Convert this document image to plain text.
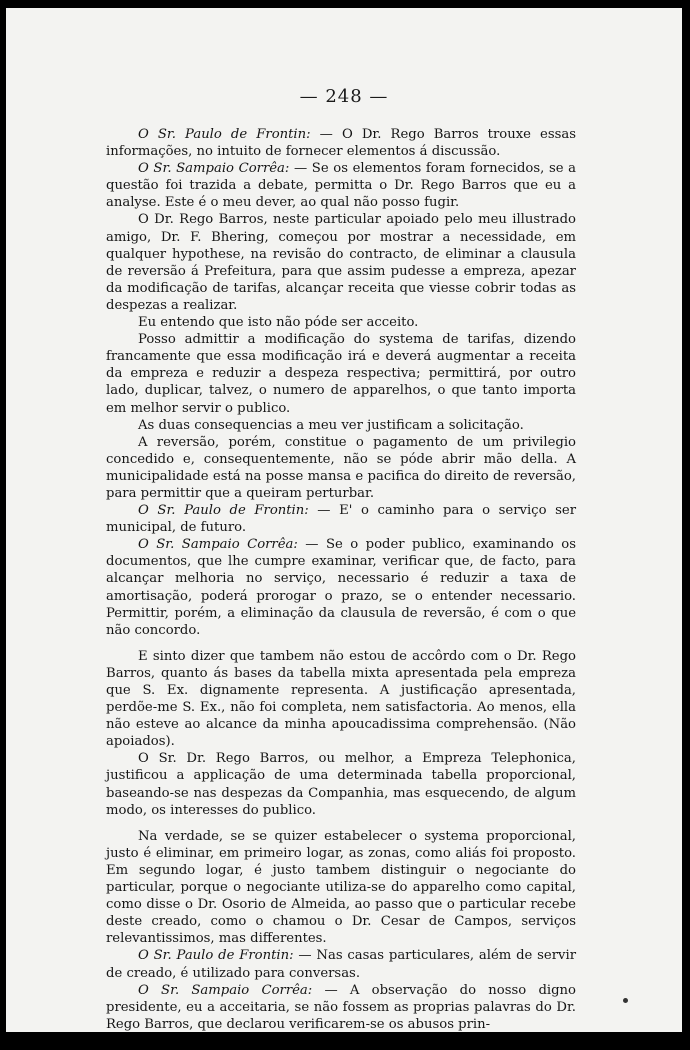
— 248 —

O Sr. Paulo de Frontin: — O Dr. Rego Barros trouxe essas informações, no intuito de fornecer elementos á discussão.

O Sr. Sampaio Corrêa: — Se os elementos foram fornecidos, se a questão foi trazida a debate, permitta o Dr. Rego Barros que eu a analyse. Este é o meu dever, ao qual não posso fugir.

O Dr. Rego Barros, neste particular apoiado pelo meu illustrado amigo, Dr. F. Bhering, começou por mostrar a necessidade, em qualquer hypothese, na revisão do contracto, de eliminar a clausula de reversão á Prefeitura, para que assim pudesse a empreza, apezar da modificação de tarifas, alcançar receita que viesse cobrir todas as despezas a realizar.

Eu entendo que isto não póde ser acceito.

Posso admittir a modificação do systema de tarifas, dizendo francamente que essa modificação irá e deverá augmentar a receita da empreza e reduzir a despeza respectiva; permittirá, por outro lado, duplicar, talvez, o numero de apparelhos, o que tanto importa em melhor servir o publico.

As duas consequencias a meu ver justificam a solicitação.

A reversão, porém, constitue o pagamento de um privilegio concedido e, consequentemente, não se póde abrir mão della. A municipalidade está na posse mansa e pacifica do direito de reversão, para permittir que a queiram perturbar.

O Sr. Paulo de Frontin: — E' o caminho para o serviço ser municipal, de futuro.

O Sr. Sampaio Corrêa: — Se o poder publico, examinando os documentos, que lhe cumpre examinar, verificar que, de facto, para alcançar melhoria no serviço, necessario é reduzir a taxa de amortisação, poderá prorogar o prazo, se o entender necessario. Permittir, porém, a eliminação da clausula de reversão, é com o que não concordo.

E sinto dizer que tambem não estou de accôrdo com o Dr. Rego Barros, quanto ás bases da tabella mixta apresentada pela empreza que S. Ex. dignamente representa. A justificação apresentada, perdõe-me S. Ex., não foi completa, nem satisfactoria. Ao menos, ella não esteve ao alcance da minha apoucadissima comprehensão. (Não apoiados).

O Sr. Dr. Rego Barros, ou melhor, a Empreza Telephonica, justificou a applicação de uma determinada tabella proporcional, baseando-se nas despezas da Companhia, mas esquecendo, de algum modo, os interesses do publico.

Na verdade, se se quizer estabelecer o systema proporcional, justo é eliminar, em primeiro logar, as zonas, como aliás foi proposto. Em segundo logar, é justo tambem distinguir o negociante do particular, porque o negociante utiliza-se do apparelho como capital, como disse o Dr. Osorio de Almeida, ao passo que o particular recebe deste creado, como o chamou o Dr. Cesar de Campos, serviços relevantissimos, mas differentes.

O Sr. Paulo de Frontin: — Nas casas particulares, além de servir de creado, é utilizado para conversas.

O Sr. Sampaio Corrêa: — A observação do nosso digno presidente, eu a acceitaria, se não fossem as proprias palavras do Dr. Rego Barros, que declarou verificarem-se os abusos prin-
